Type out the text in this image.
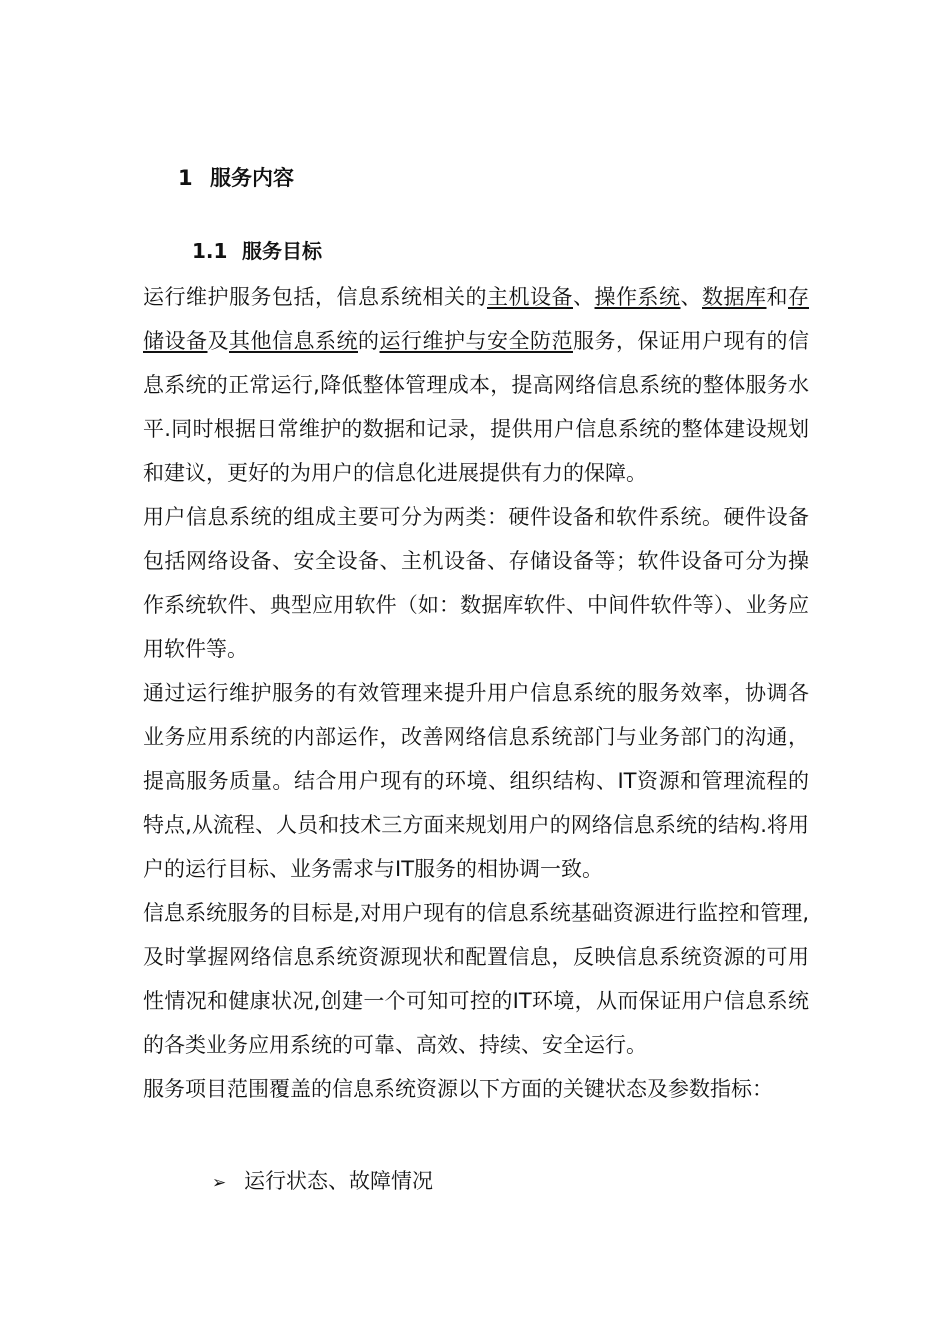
1 服务内容
1.1 服务目标

运行维护服务包括，信息系统相关的主机设备、操作系统、数据库和存储设备及其他信息系统的运行维护与安全防范服务，保证用户现有的信息系统的正常运行,降低整体管理成本，提高网络信息系统的整体服务水平.同时根据日常维护的数据和记录，提供用户信息系统的整体建设规划和建议，更好的为用户的信息化进展提供有力的保障。

用户信息系统的组成主要可分为两类：硬件设备和软件系统。硬件设备包括网络设备、安全设备、主机设备、存储设备等；软件设备可分为操作系统软件、典型应用软件（如：数据库软件、中间件软件等）、业务应用软件等。

通过运行维护服务的有效管理来提升用户信息系统的服务效率，协调各业务应用系统的内部运作，改善网络信息系统部门与业务部门的沟通，提高服务质量。结合用户现有的环境、组织结构、IT资源和管理流程的特点,从流程、人员和技术三方面来规划用户的网络信息系统的结构.将用户的运行目标、业务需求与IT服务的相协调一致。

信息系统服务的目标是,对用户现有的信息系统基础资源进行监控和管理,及时掌握网络信息系统资源现状和配置信息，反映信息系统资源的可用性情况和健康状况,创建一个可知可控的IT环境，从而保证用户信息系统的各类业务应用系统的可靠、高效、持续、安全运行。

服务项目范围覆盖的信息系统资源以下方面的关键状态及参数指标：

➢ 运行状态、故障情况
